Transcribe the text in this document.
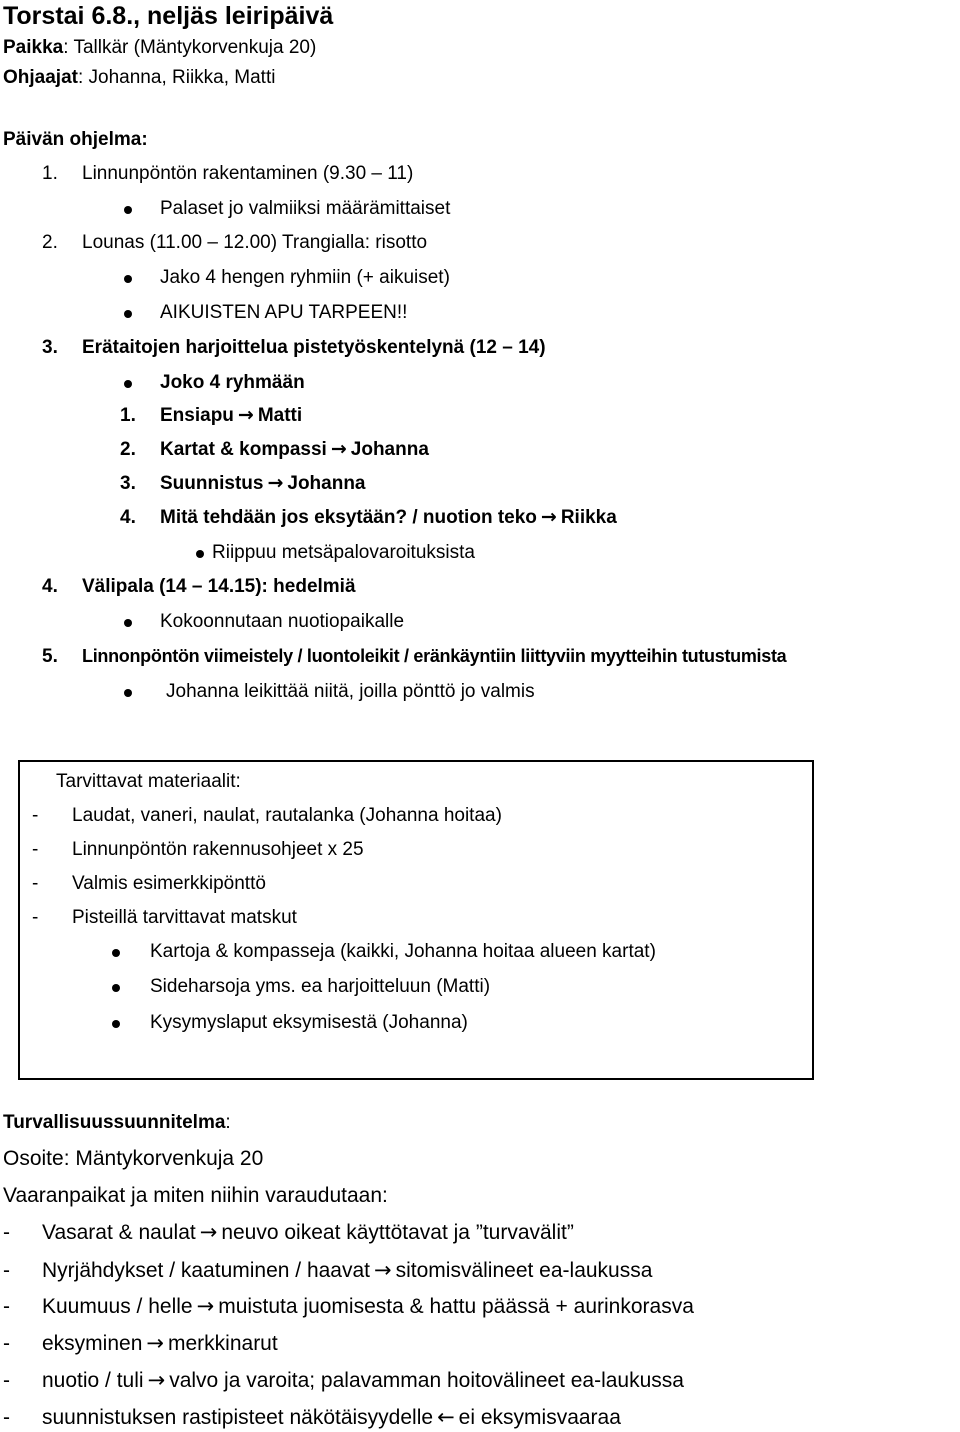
Torstai 6.8., neljäs leiripäivä
Paikka: Tallkär (Mäntykorvenkuja 20)
Ohjaajat: Johanna, Riikka, Matti
Päivän ohjelma:
1. Linnunpöntön rakentaminen (9.30 – 11)
Palaset jo valmiiksi määrämittaiset
2. Lounas (11.00 – 12.00) Trangialla: risotto
Jako 4 hengen ryhmiin (+ aikuiset)
AIKUISTEN APU TARPEEN!!
3. Erätaitojen harjoittelua pistetyöskentelynä (12 – 14)
Joko 4 ryhmään
1. Ensiapu → Matti
2. Kartat & kompassi → Johanna
3. Suunnistus → Johanna
4. Mitä tehdään jos eksytään? / nuotion teko → Riikka
Riippuu metsäpalovaroituksista
4. Välipala (14 – 14.15): hedelmiä
Kokoonnutaan nuotiopaikalle
5. Linnonpöntön viimeistely / luontoleikit / eränkäyntiin liittyviin myytteihin tutustumista
Johanna leikittää niitä, joilla pönttö jo valmis
Tarvittavat materiaalit:
- Laudat, vaneri, naulat, rautalanka (Johanna hoitaa)
- Linnunpöntön rakennusohjeet x 25
- Valmis esimerkkipönttö
- Pisteillä tarvittavat matskut
Kartoja & kompasseja (kaikki, Johanna hoitaa alueen kartat)
Sideharsoja yms. ea harjoitteluun (Matti)
Kysymyslaput eksymisestä (Johanna)
Turvallisuussuunnitelma:
Osoite: Mäntykorvenkuja 20
Vaaranpaikat ja miten niihin varaudutaan:
- Vasarat & naulat → neuvo oikeat käyttötavat ja ”turvavälit”
- Nyrjähdykset / kaatuminen / haavat → sitomisvälineet ea-laukussa
- Kuumuus / helle → muistuta juomisesta & hattu päässä + aurinkorasva
- eksyminen → merkkinarut
- nuotio / tuli → valvo ja varoita; palavamman hoitovälineet ea-laukussa
- suunnistuksen rastipisteet näkötäisyydelle ← ei eksymisvaaraa
